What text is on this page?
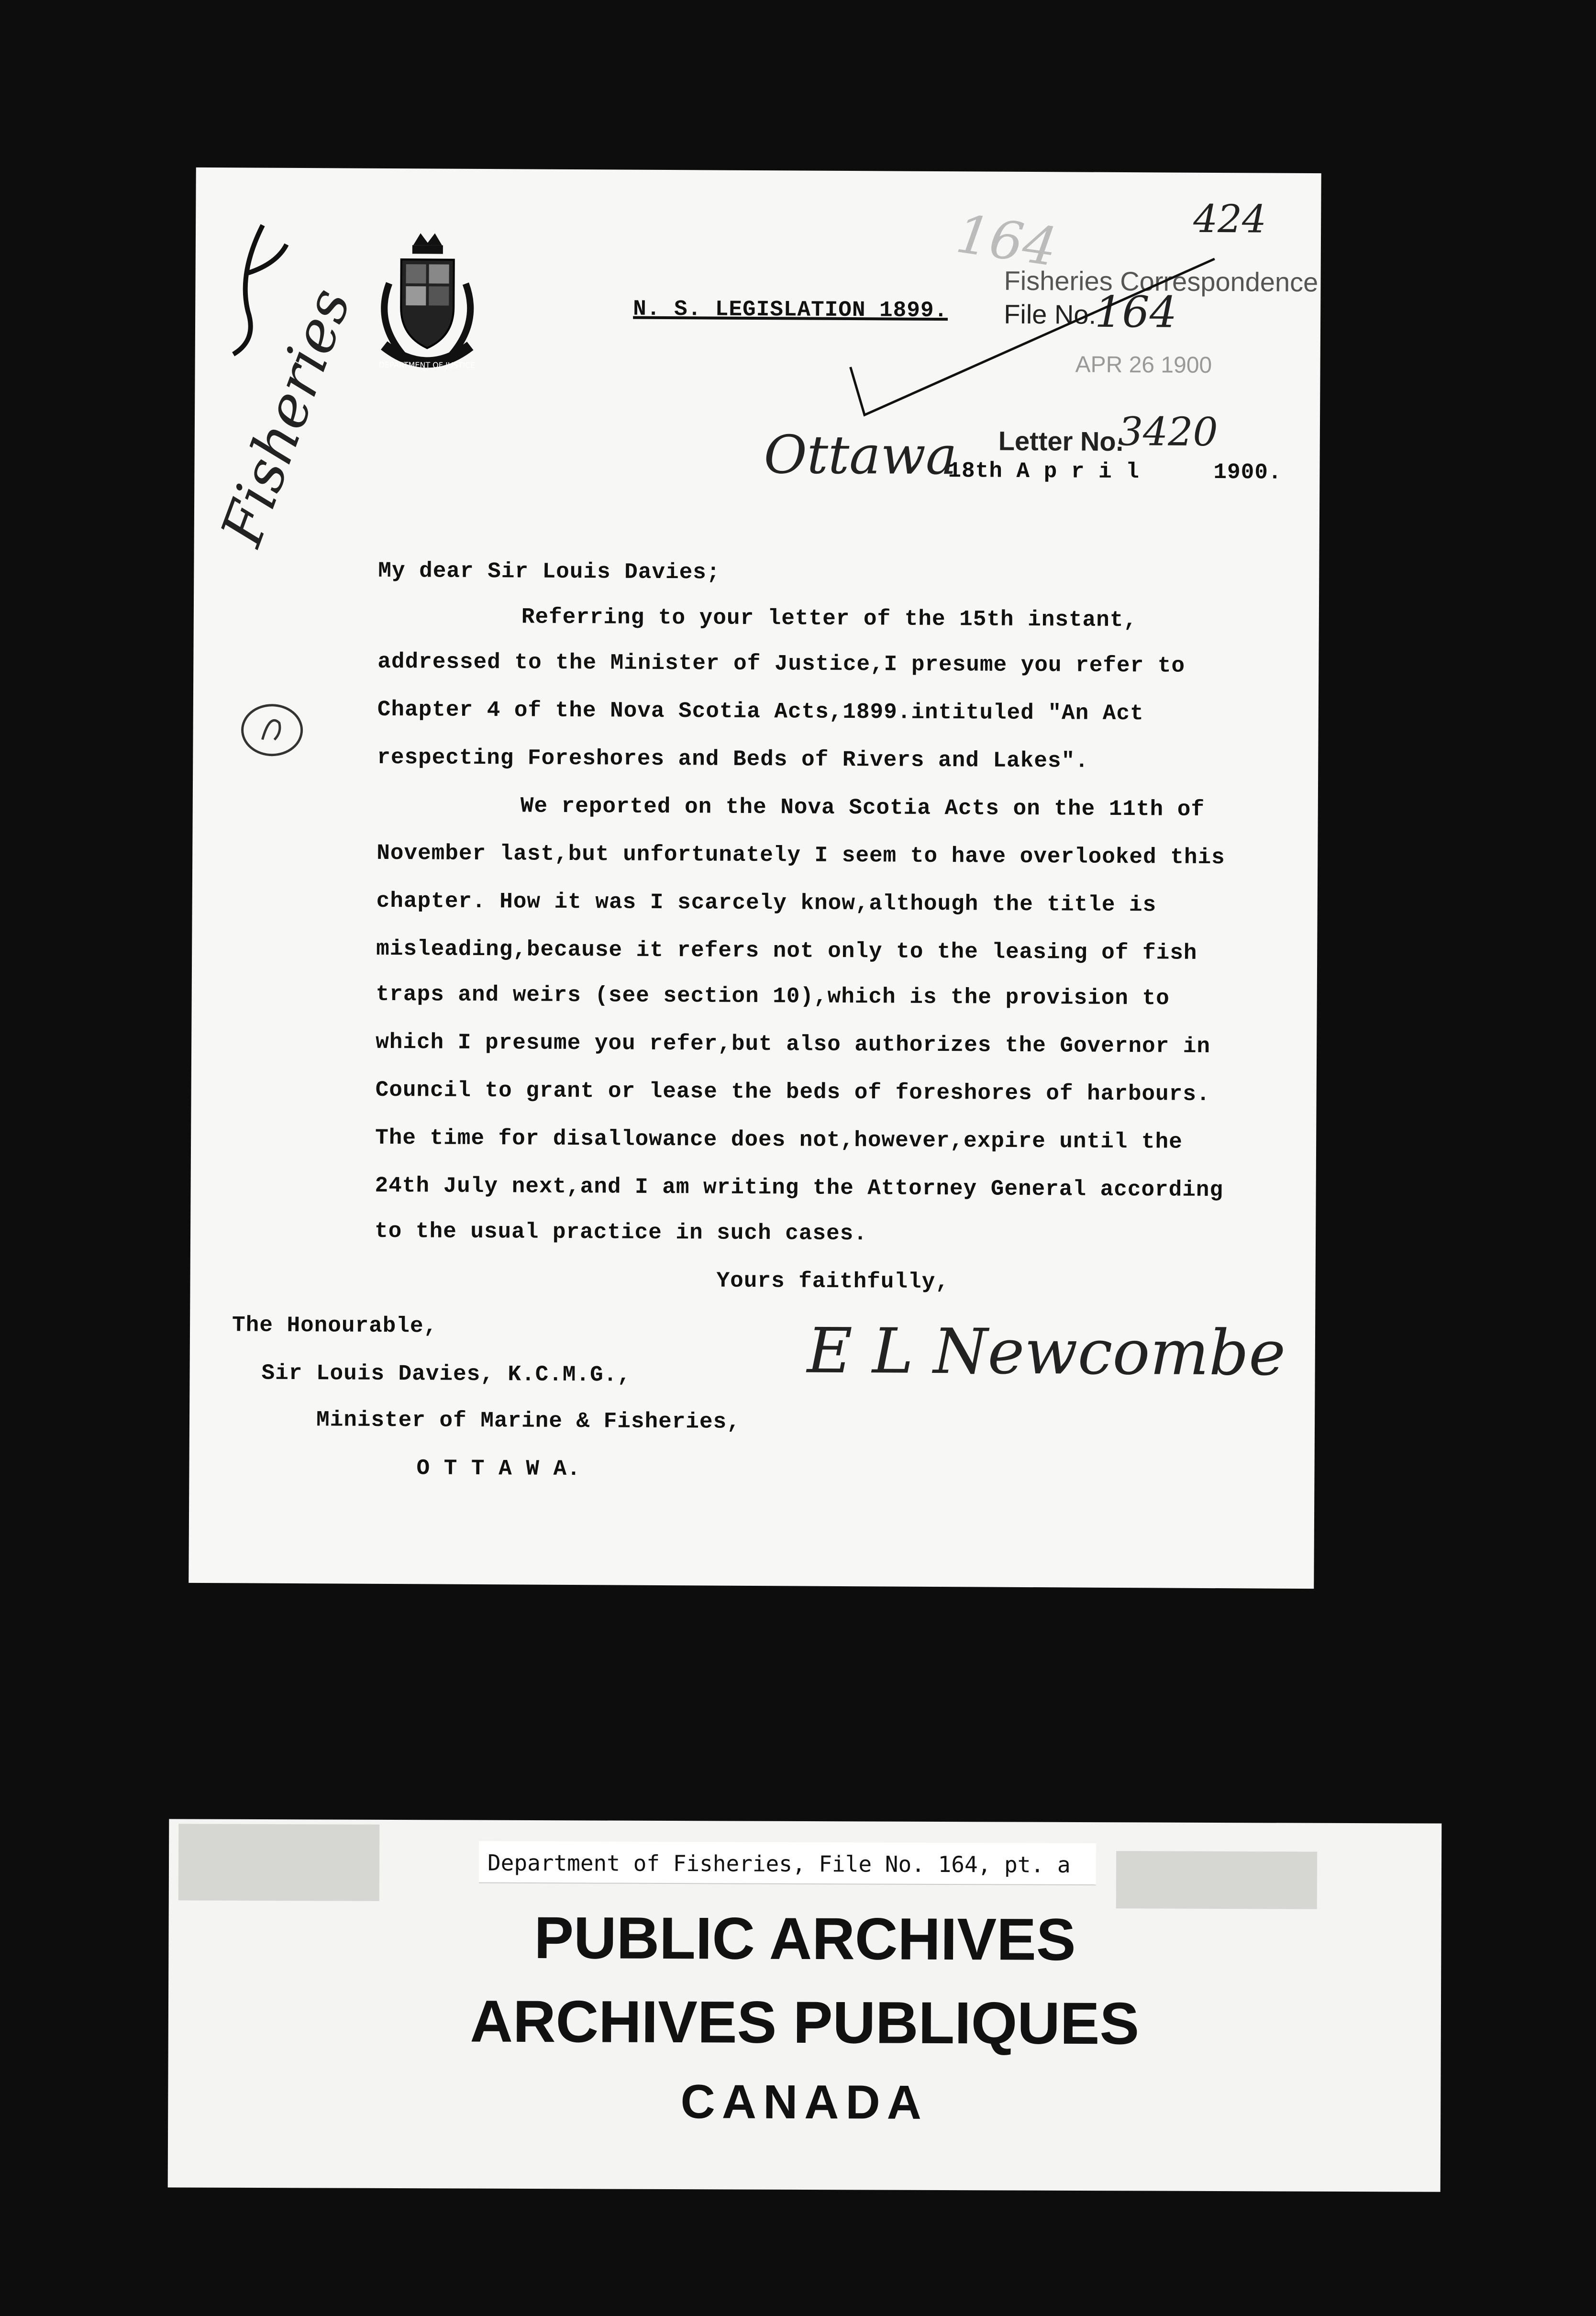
DEPARTMENT OF JUSTICE
Fisheries
164	424
N. S. LEGISLATION 1899.
Fisheries Correspondence
File No.
164
APR 26 1900
Letter No.
3420
Ottawa
18th A p r i l	1900.
My dear Sir Louis Davies;
Referring to your letter of the 15th instant,
addressed to the Minister of Justice,I presume you refer to
Chapter 4 of the Nova Scotia Acts,1899.intituled "An Act
respecting Foreshores and Beds of Rivers and Lakes".
We reported on the Nova Scotia Acts on the 11th of
November last,but unfortunately I seem to have overlooked this
chapter. How it was I scarcely know,although the title is
misleading,because it refers not only to the leasing of fish
traps and weirs (see section 10),which is the provision to
which I presume you refer,but also authorizes the Governor in
Council to grant or lease the beds of foreshores of harbours.
The time for disallowance does not,however,expire until the
24th July next,and I am writing the Attorney General according
to the usual practice in such cases.
Yours faithfully,
E L Newcombe
The Honourable,
Sir Louis Davies, K.C.M.G.,
Minister of Marine & Fisheries,
O T T A W A.
Department of Fisheries, File No. 164, pt. a
PUBLIC ARCHIVES
ARCHIVES PUBLIQUES
CANADA
